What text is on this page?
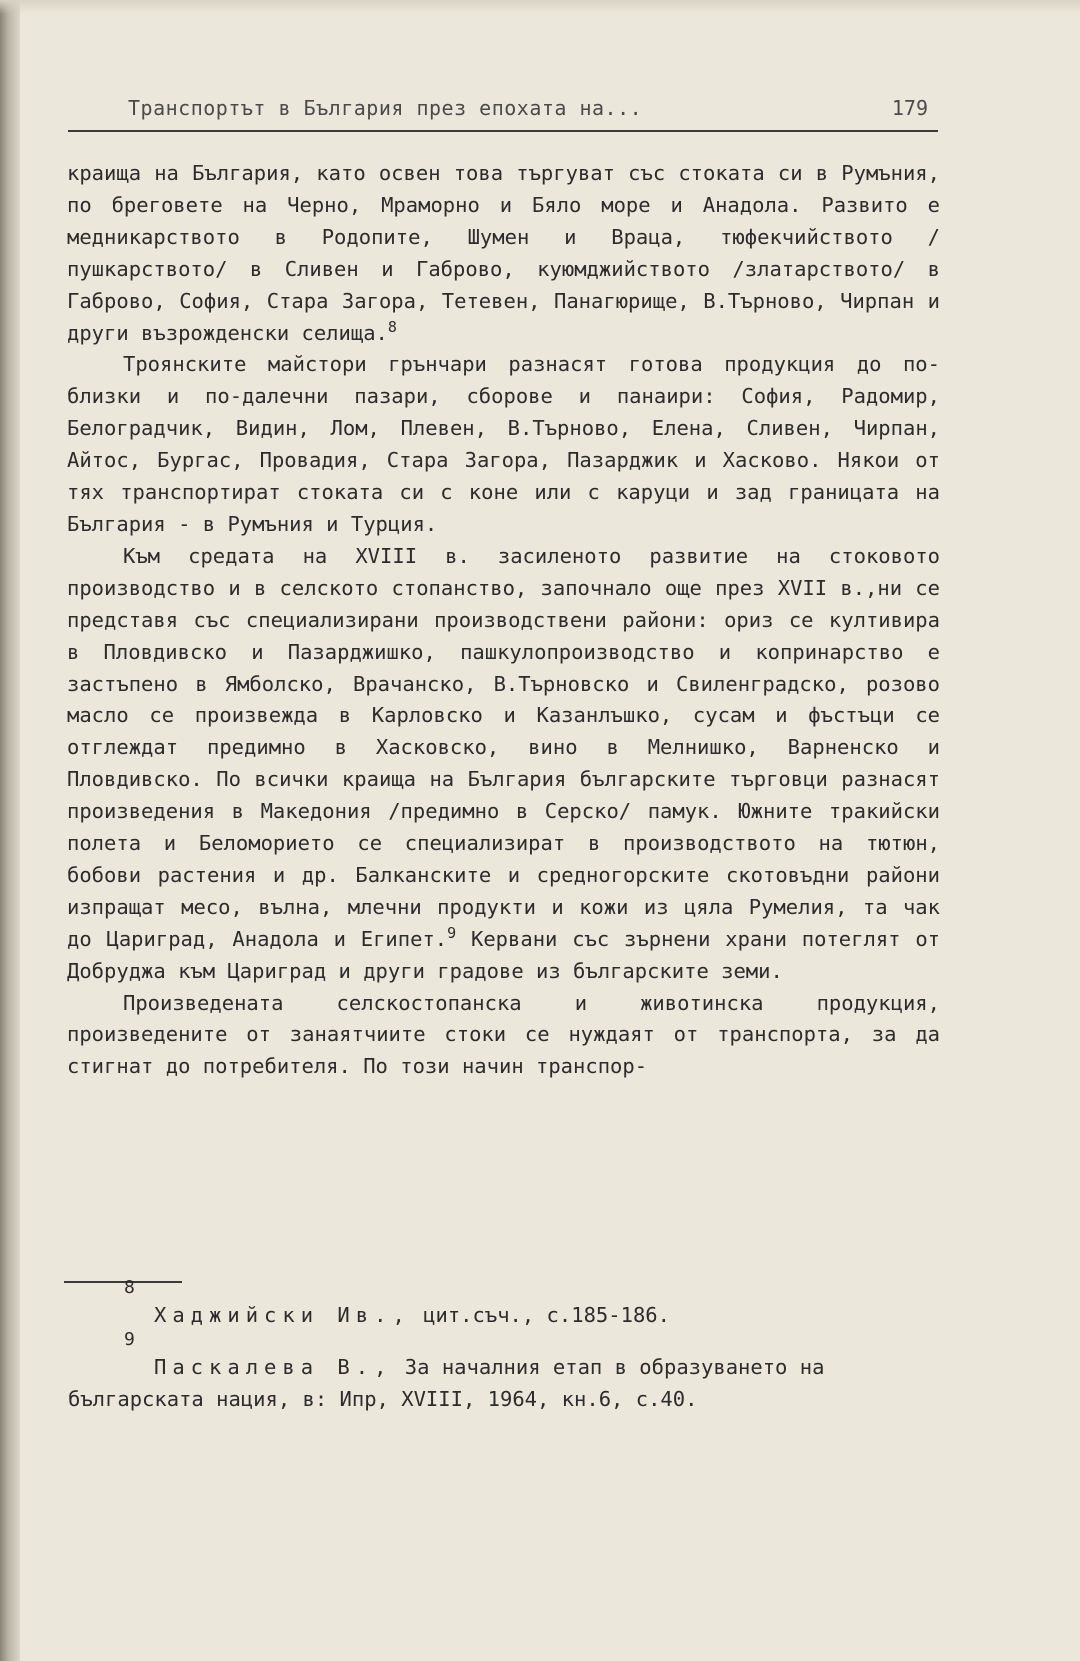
Транспортът в България през епохата на...	179

краища на България, като освен това търгуват със стоката си в Румъния, по бреговете на Черно, Мраморно и Бяло море и Анадола. Развито е медникарството в Родопите, Шумен и Враца, тюфекчийството /пушкарството/ в Сливен и Габрово, куюмджийството /златарството/ в Габрово, София, Стара Загора, Тетевен, Панагюрище, В.Търново, Чирпан и други възрожденски селища.$^8$

Троянските майстори грънчари разнасят готова продукция до по-близки и по-далечни пазари, сборове и панаири: София, Радомир, Белоградчик, Видин, Лом, Плевен, В.Търново, Елена, Сливен, Чирпан, Айтос, Бургас, Провадия, Стара Загора, Пазарджик и Хасково. Някои от тях транспортират стоката си с коне или с каруци и зад границата на България - в Румъния и Турция.

Към средата на XVIII в. засиленото развитие на стоковото производство и в селското стопанство, започнало още през XVII в.,ни се представя със специализирани производствени райони: ориз се култивира в Пловдивско и Пазарджишко, пашкулопроизводство и копринарство е застъпено в Ямболско, Врачанско, В.Търновско и Свиленградско, розово масло се произвежда в Карловско и Казанлъшко, сусам и фъстъци се отглеждат предимно в Хасковско, вино в Мелнишко, Варненско и Пловдивско. По всички краища на България българските търговци разнасят произведения в Македония /предимно в Серско/ памук. Южните тракийски полета и Беломорието се специализират в производството на тютюн, бобови растения и др. Балканските и средногорските скотовъдни райони изпращат месо, вълна, млечни продукти и кожи из цяла Румелия, та чак до Цариград, Анадола и Египет.$^9$ Кервани със зърнени храни потеглят от Добруджа към Цариград и други градове из българските земи.

Произведената селскостопанска и животинска продукция, произведените от занаятчиите стоки се нуждаят от транспорта, за да стигнат до потребителя. По този начин транспор-

8
Хаджийски Ив., цит.съч., с.185-186.
9
Паскалева В., За началния етап в образуването на
българската нация, в: Ипр, XVIII, 1964, кн.6, с.40.
